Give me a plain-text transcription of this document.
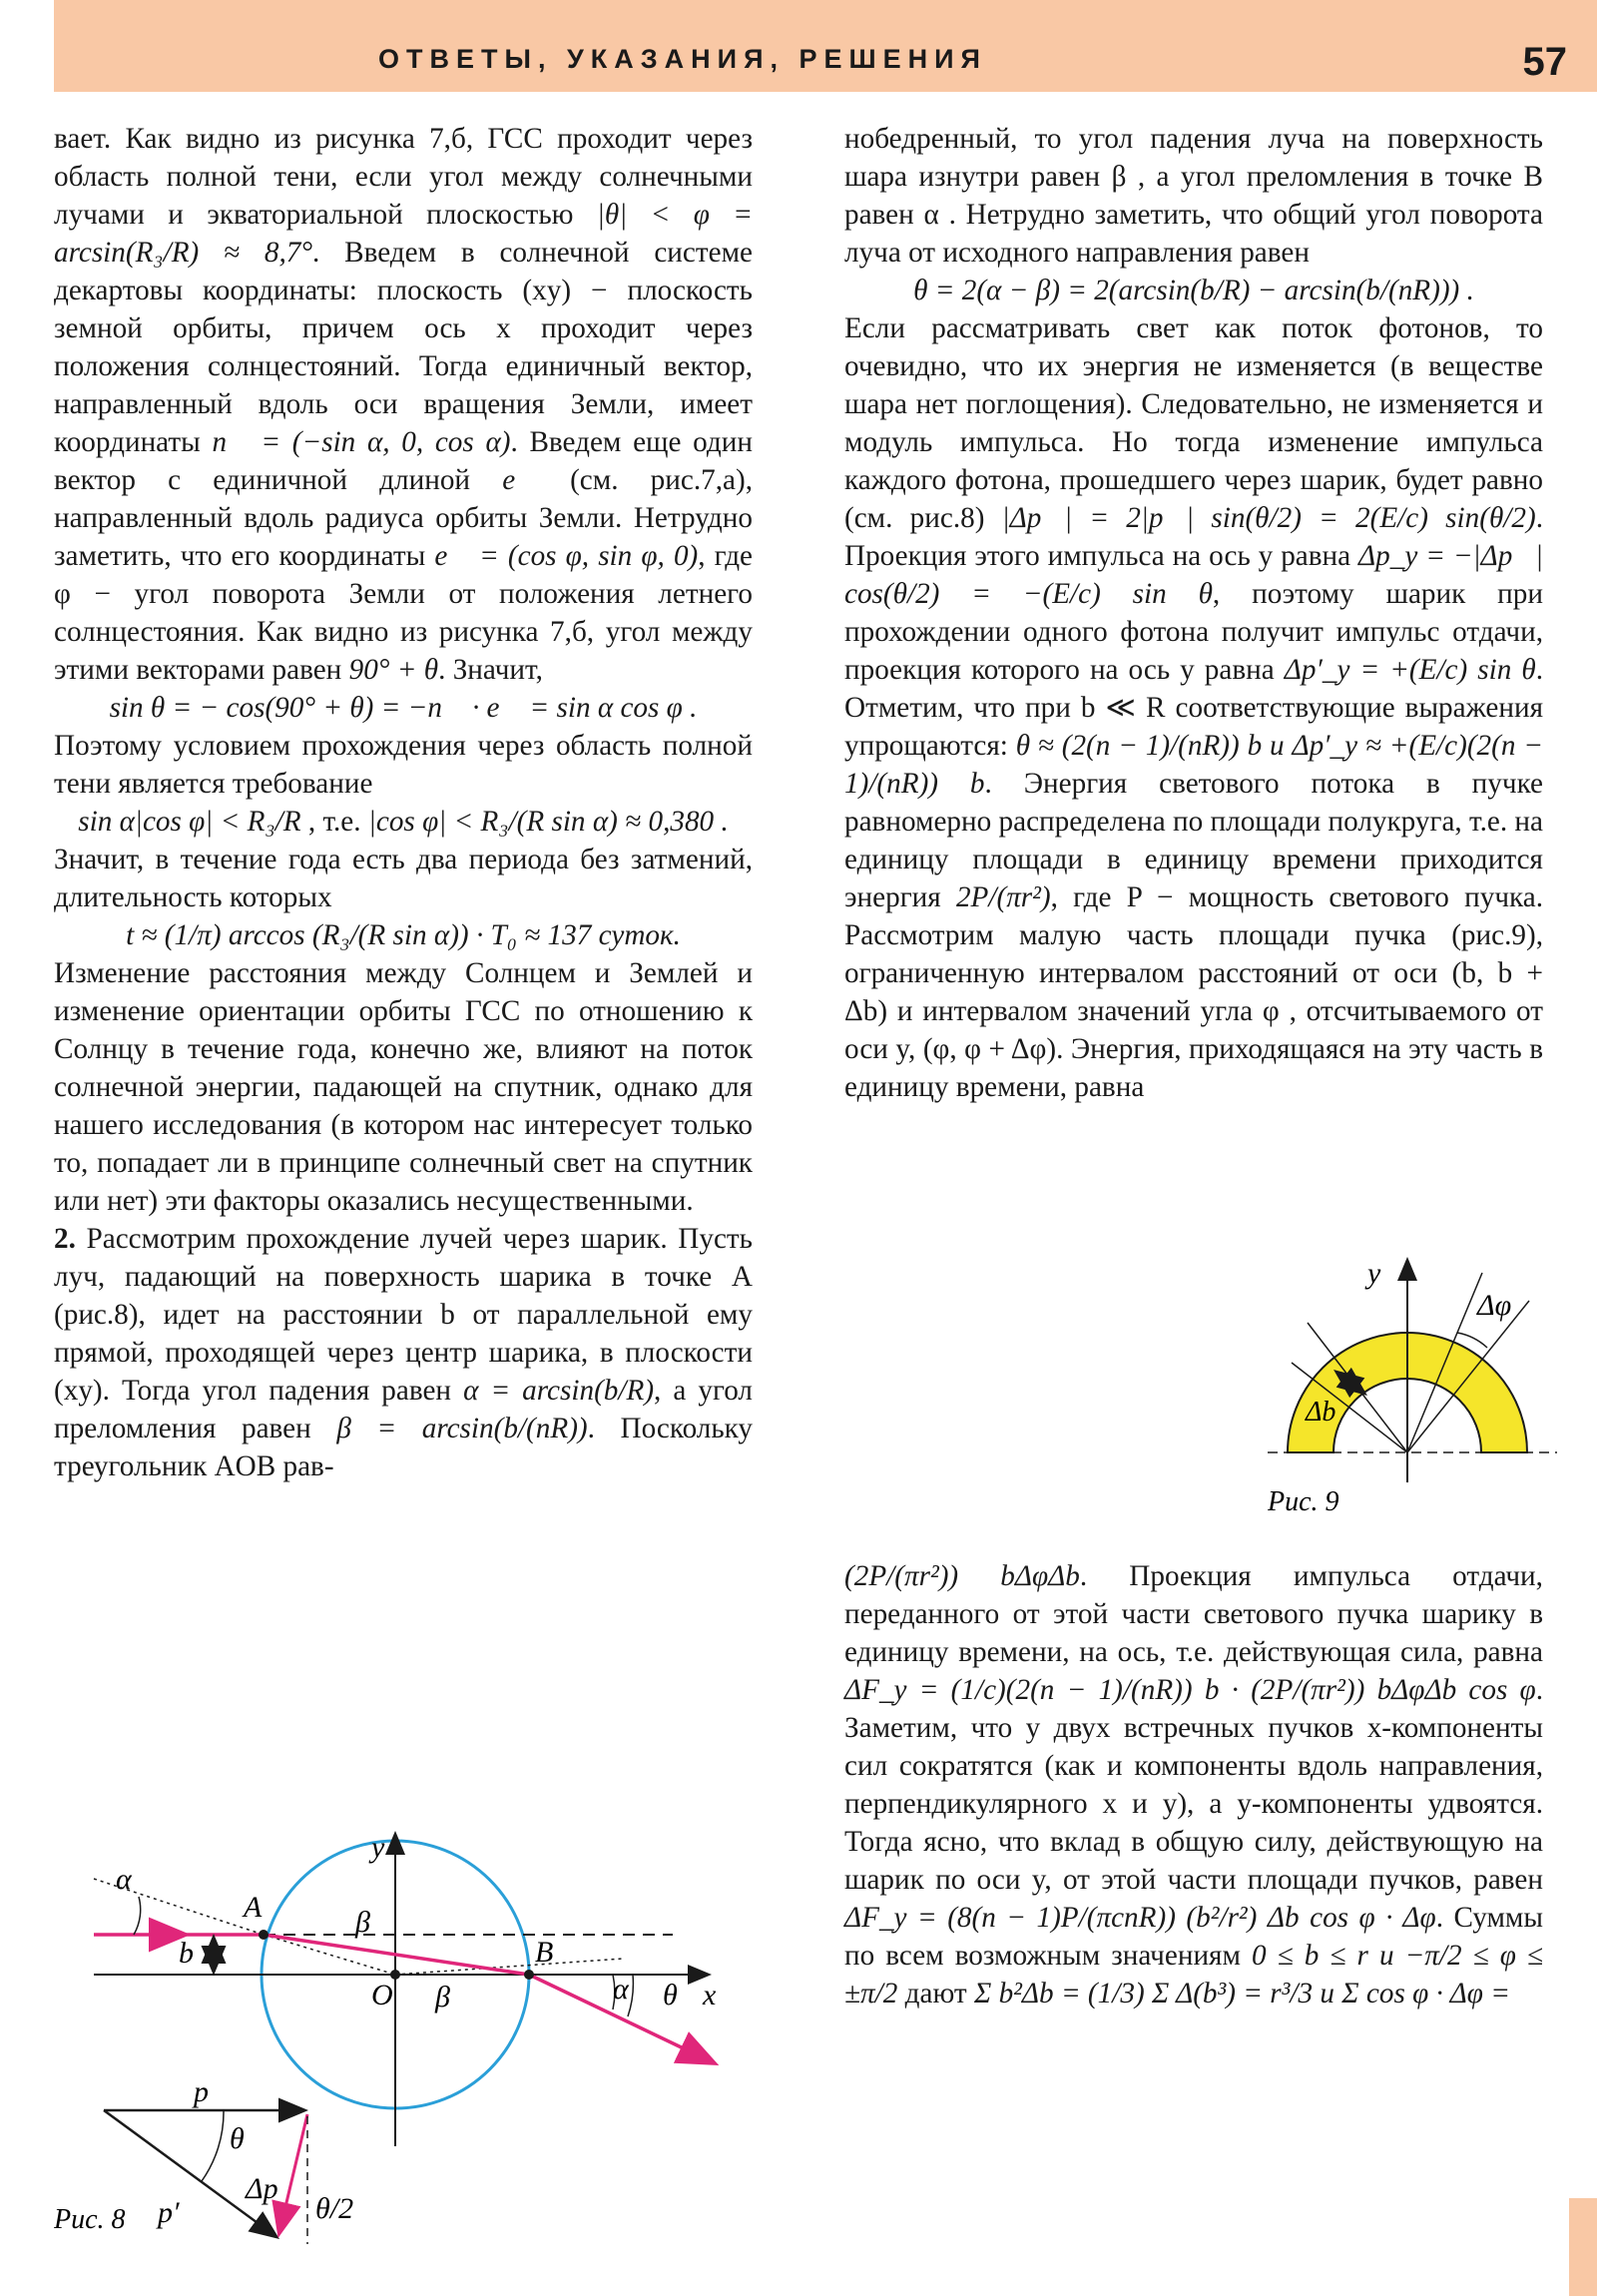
ОТВЕТЫ, УКАЗАНИЯ, РЕШЕНИЯ	57

вает. Как видно из рисунка 7,б, ГСС проходит через область полной тени, если угол между солнечными лучами и экваториальной плоскостью |θ| < φ = arcsin(R₃/R) ≈ 8,7°. Введем в солнечной системе декартовы координаты: плоскость (xy) − плоскость земной орбиты, причем ось x проходит через положения солнцестояний. Тогда единичный вектор, направленный вдоль оси вращения Земли, имеет координаты n⃗ = (−sin α, 0, cos α). Введем еще один вектор с единичной длиной e⃗ (см. рис.7,а), направленный вдоль радиуса орбиты Земли. Нетрудно заметить, что его координаты e⃗ = (cos φ, sin φ, 0), где φ − угол поворота Земли от положения летнего солнцестояния. Как видно из рисунка 7,б, угол между этими векторами равен 90° + θ. Значит,

sin θ = − cos(90° + θ) = −n⃗ · e⃗ = sin α cos φ .

Поэтому условием прохождения через область полной тени является требование

sin α|cos φ| < R₃/R , т.е. |cos φ| < R₃/(R sin α) ≈ 0,380 .

Значит, в течение года есть два периода без затмений, длительность которых

t ≈ (1/π) arccos (R₃/(R sin α)) · T₀ ≈ 137 суток.

Изменение расстояния между Солнцем и Землей и изменение ориентации орбиты ГСС по отношению к Солнцу в течение года, конечно же, влияют на поток солнечной энергии, падающей на спутник, однако для нашего исследования (в котором нас интересует только то, попадает ли в принципе солнечный свет на спутник или нет) эти факторы оказались несущественными.

2. Рассмотрим прохождение лучей через шарик. Пусть луч, падающий на поверхность шарика в точке A (рис.8), идет на расстоянии b от параллельной ему прямой, проходящей через центр шарика, в плоскости (xy). Тогда угол падения равен α = arcsin(b/R), а угол преломления равен β = arcsin(b/(nR)). Поскольку треугольник AOB рав-

α
A
b
y
β
B
O β	α θ x
p
θ
Δp
p′	θ/2
Рис. 8

нобедренный, то угол падения луча на поверхность шара изнутри равен β , а угол преломления в точке B равен α . Нетрудно заметить, что общий угол поворота луча от исходного направления равен

θ = 2(α − β) = 2(arcsin(b/R) − arcsin(b/(nR))) .

Если рассматривать свет как поток фотонов, то очевидно, что их энергия не изменяется (в веществе шара нет поглощения). Следовательно, не изменяется и модуль импульса. Но тогда изменение импульса каждого фотона, прошедшего через шарик, будет равно (см. рис.8) |Δp⃗| = 2|p⃗| sin(θ/2) = 2(E/c) sin(θ/2). Проекция этого импульса на ось y равна Δp_y = −|Δp⃗| cos(θ/2) = −(E/c) sin θ, поэтому шарик при прохождении одного фотона получит импульс отдачи, проекция которого на ось y равна Δp′_y = +(E/c) sin θ. Отметим, что при b ≪ R соответствующие выражения упрощаются: θ ≈ (2(n − 1)/(nR)) b и Δp′_y ≈ +(E/c)(2(n − 1)/(nR)) b. Энергия светового потока в пучке равномерно распределена по площади полукруга, т.е. на единицу площади в единицу времени приходится энергия 2P/(πr²), где P − мощность светового пучка. Рассмотрим малую часть площади пучка (рис.9), ограниченную интервалом расстояний от оси (b, b + Δb) и интервалом значений угла φ , отсчитываемого от оси y, (φ, φ + Δφ). Энергия, приходящаяся на эту часть в единицу времени, равна

(2P/(πr²)) bΔφΔb. Проекция импульса отдачи, переданного от этой части светового пучка шарику в единицу времени, на ось, т.е. действующая сила, равна ΔF_y = (1/c)(2(n − 1)/(nR)) b · (2P/(πr²)) bΔφΔb cos φ. Заметим, что у двух встречных пучков x-компоненты сил сократятся (как и компоненты вдоль направления, перпендикулярного x и y), а y-компоненты удвоятся. Тогда ясно, что вклад в общую силу, действующую на шарик по оси y, от этой части площади пучков, равен ΔF_y = (8(n − 1)P/(πcnR)) (b²/r²) Δb cos φ · Δφ. Суммы по всем возможным значениям 0 ≤ b ≤ r и −π/2 ≤ φ ≤ ±π/2 дают Σ b²Δb = (1/3) Σ Δ(b³) = r³/3 и Σ cos φ · Δφ =

y
Δφ
Δb
Рис. 9
